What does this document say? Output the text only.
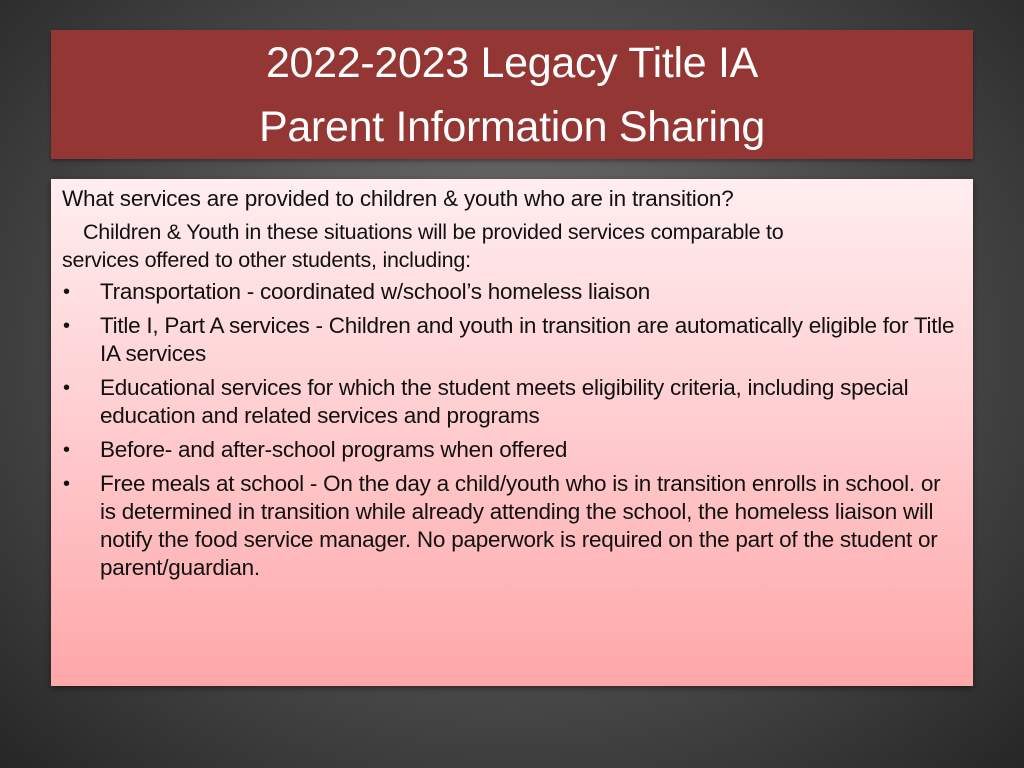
2022-2023 Legacy Title IA
Parent Information Sharing
What services are provided to children & youth who are in transition?
Children & Youth in these situations will be provided services comparable to
services offered to other students, including:
•	Transportation - coordinated w/school’s homeless liaison
•	Title I, Part A services - Children and youth in transition are automatically eligible for Title IA services
•	Educational services for which the student meets eligibility criteria, including special education and related services and programs
•	Before- and after-school programs when offered
•	Free meals at school - On the day a child/youth who is in transition enrolls in school. or is determined in transition while already attending the school, the homeless liaison will notify the food service manager. No paperwork is required on the part of the student or parent/guardian.
